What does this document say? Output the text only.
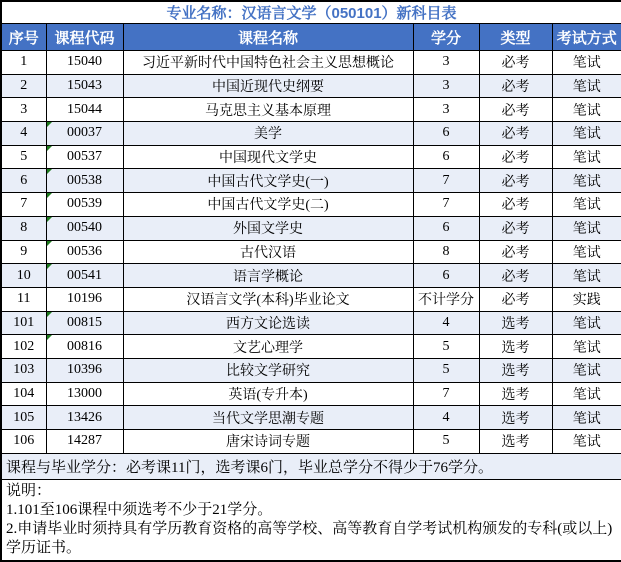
专业名称：汉语言文学（050101）新科目表					
序号	课程代码	课程名称	学分	类型	考试方式
1	15040	习近平新时代中国特色社会主义思想概论	3	必考	笔试
2	15043	中国近现代史纲要	3	必考	笔试
3	15044	马克思主义基本原理	3	必考	笔试
4	00037	美学	6	必考	笔试
5	00537	中国现代文学史	6	必考	笔试
6	00538	中国古代文学史(一)	7	必考	笔试
7	00539	中国古代文学史(二)	7	必考	笔试
8	00540	外国文学史	6	必考	笔试
9	00536	古代汉语	8	必考	笔试
10	00541	语言学概论	6	必考	笔试
11	10196	汉语言文学(本科)毕业论文	不计学分	必考	实践
101	00815	西方文论选读	4	选考	笔试
102	00816	文艺心理学	5	选考	笔试
103	10396	比较文学研究	5	选考	笔试
104	13000	英语(专升本)	7	选考	笔试
105	13426	当代文学思潮专题	4	选考	笔试
106	14287	唐宋诗词专题	5	选考	笔试
课程与毕业学分：必考课11门，选考课6门，毕业总学分不得少于76学分。					

说明：
1.101至106课程中须选考不少于21学分。
2.申请毕业时须持具有学历教育资格的高等学校、高等教育自学考试机构颁发的专科(或以上)学历证书。					
